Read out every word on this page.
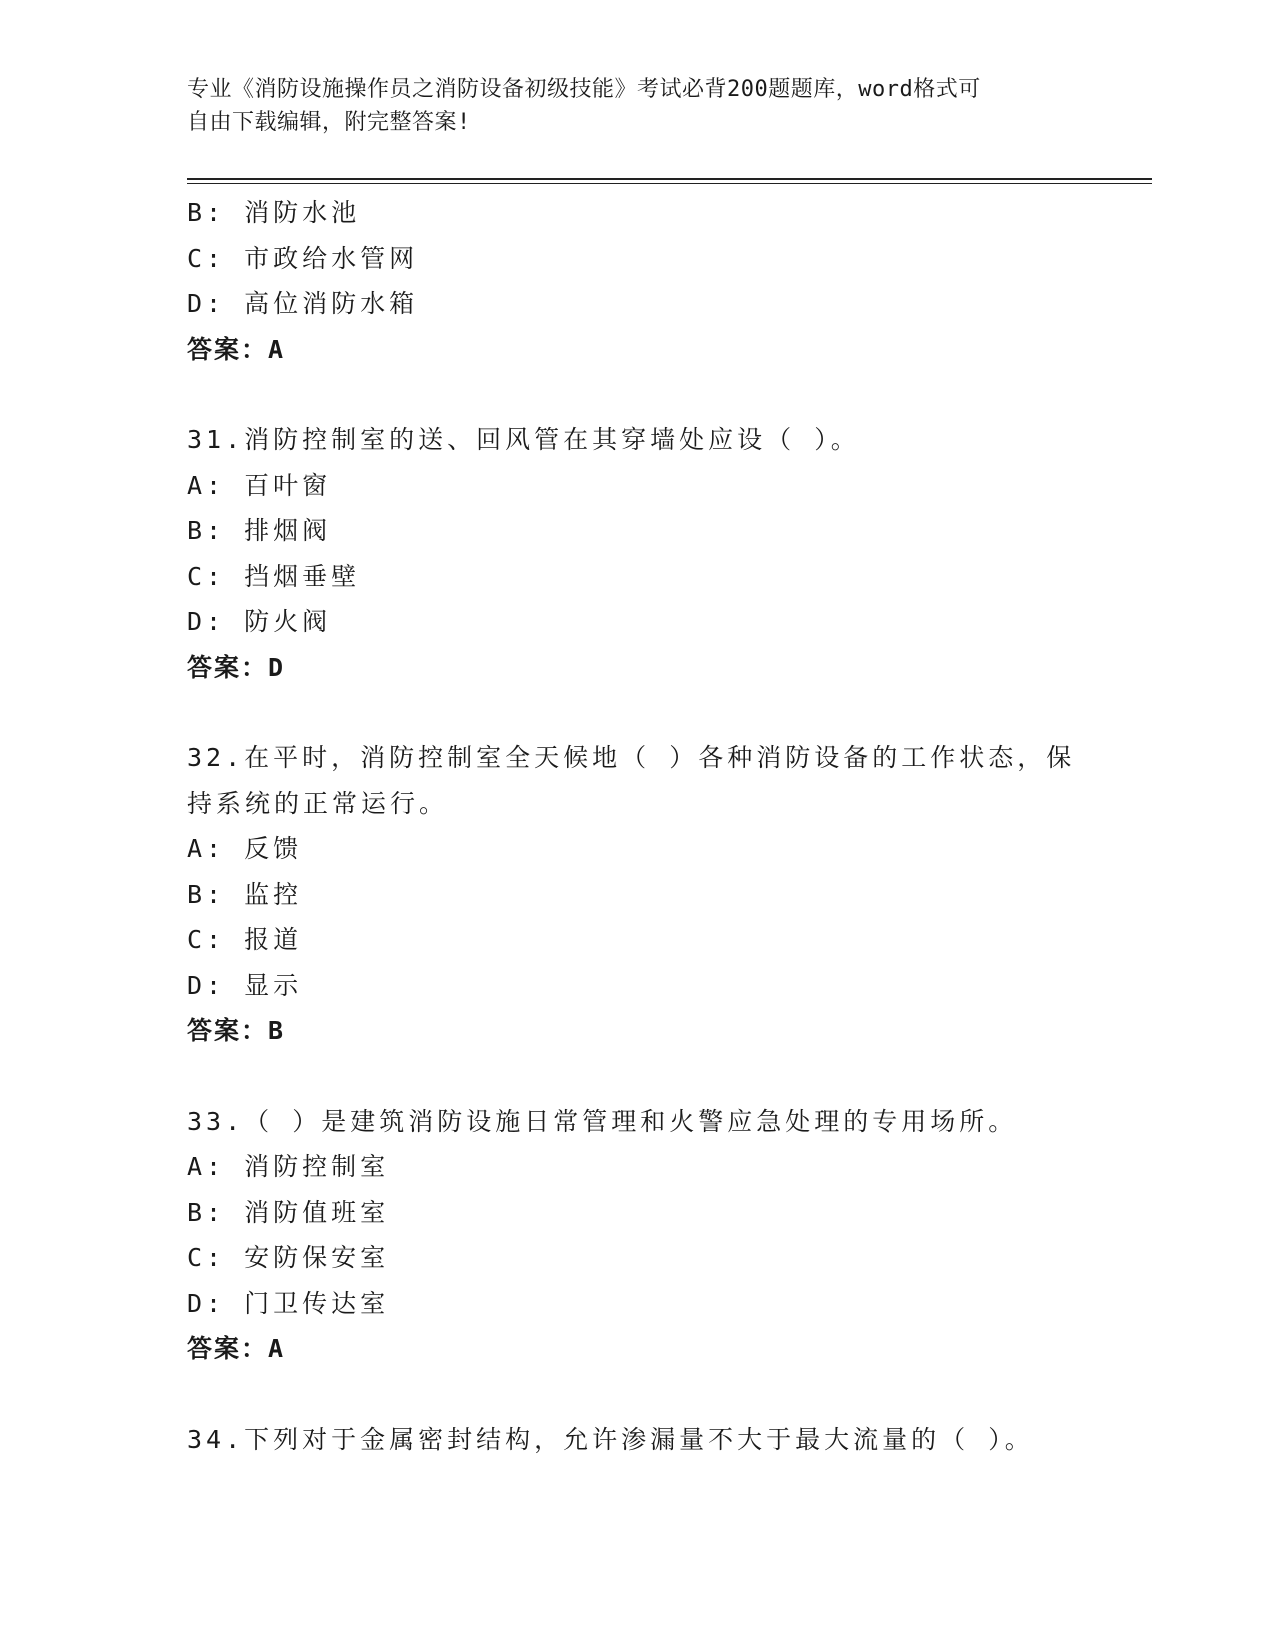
专业《消防设施操作员之消防设备初级技能》考试必背200题题库，word格式可
自由下载编辑，附完整答案!
B: 消防水池
C: 市政给水管网
D: 高位消防水箱
答案：A
31.消防控制室的送、回风管在其穿墙处应设（ ）。
A: 百叶窗
B: 排烟阀
C: 挡烟垂壁
D: 防火阀
答案：D
32.在平时，消防控制室全天候地（ ）各种消防设备的工作状态，保
持系统的正常运行。
A: 反馈
B: 监控
C: 报道
D: 显示
答案：B
33.（ ）是建筑消防设施日常管理和火警应急处理的专用场所。
A: 消防控制室
B: 消防值班室
C: 安防保安室
D: 门卫传达室
答案：A
34.下列对于金属密封结构，允许渗漏量不大于最大流量的（ ）。
